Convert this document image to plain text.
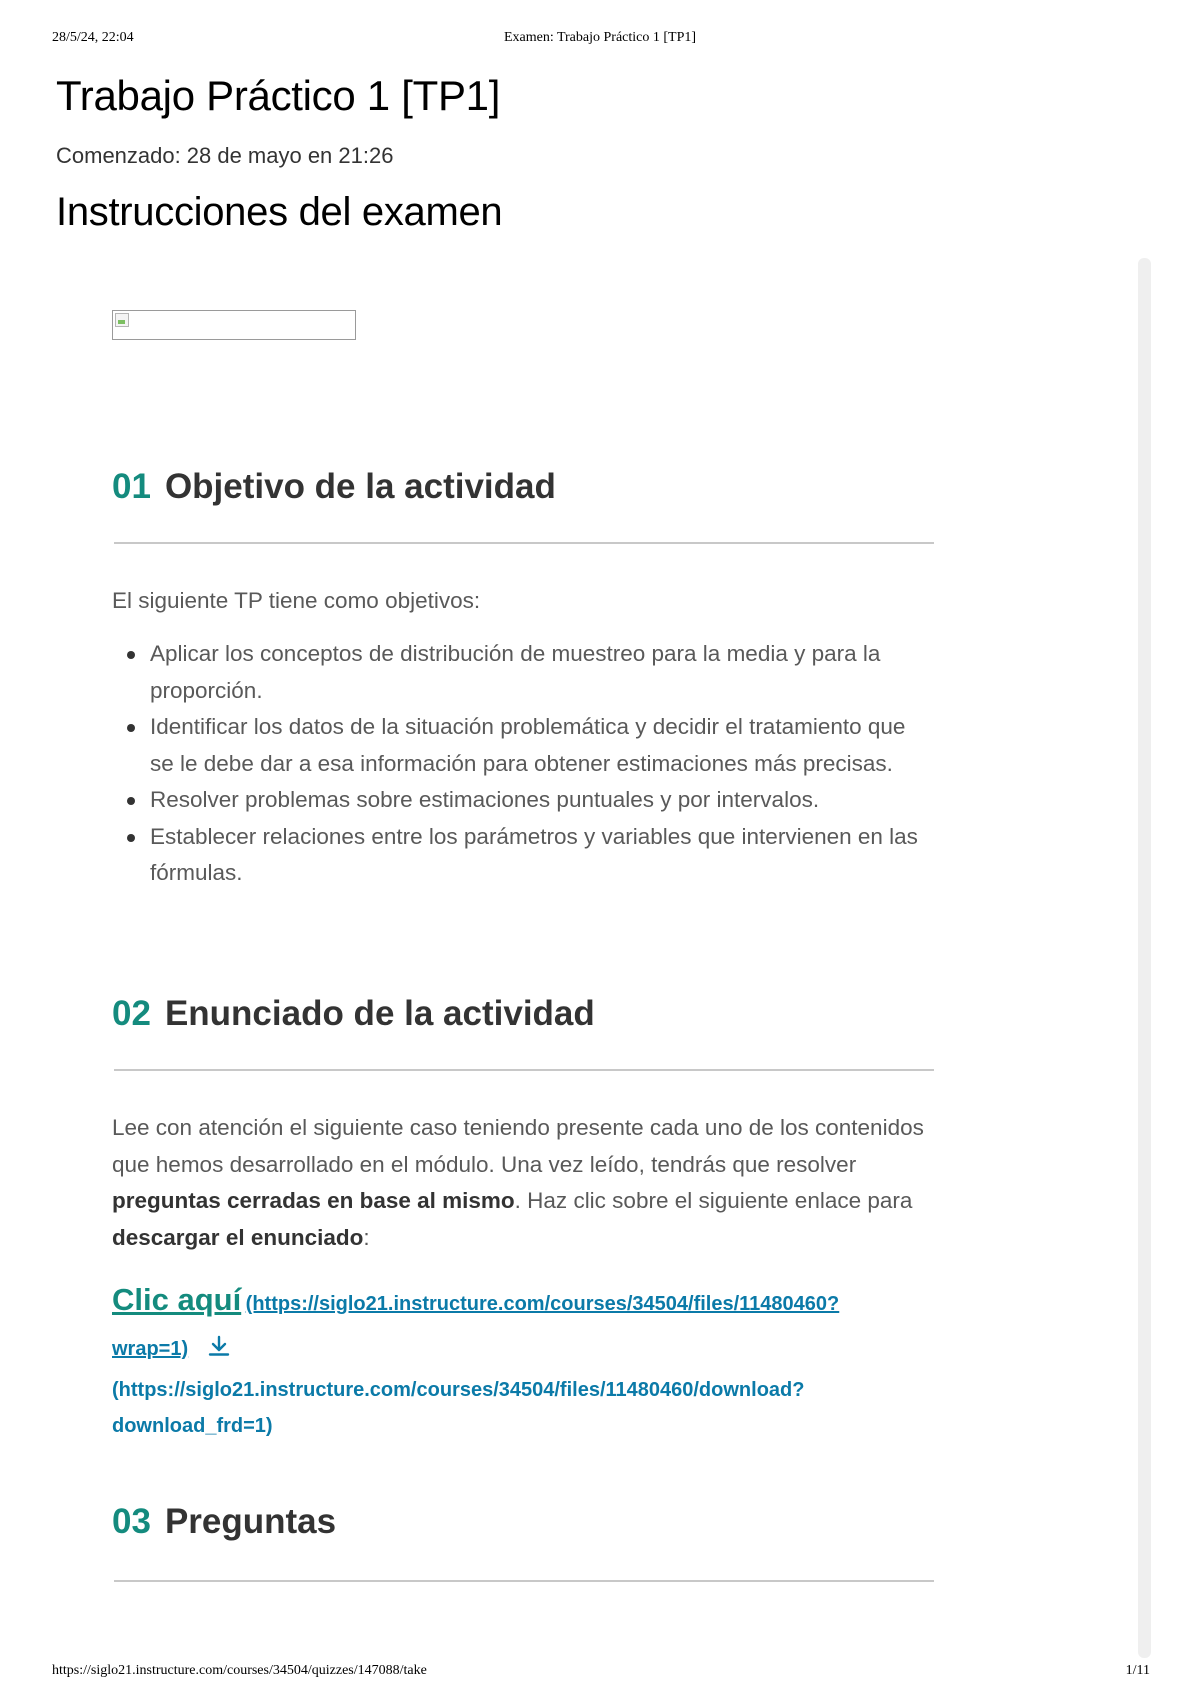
28/5/24, 22:04	Examen: Trabajo Práctico 1 [TP1]
Trabajo Práctico 1 [TP1]
Comenzado: 28 de mayo en 21:26
Instrucciones del examen
01 Objetivo de la actividad

El siguiente TP tiene como objetivos:

Aplicar los conceptos de distribución de muestreo para la media y para la proporción.
Identificar los datos de la situación problemática y decidir el tratamiento que se le debe dar a esa información para obtener estimaciones más precisas.
Resolver problemas sobre estimaciones puntuales y por intervalos.
Establecer relaciones entre los parámetros y variables que intervienen en las fórmulas.
02 Enunciado de la actividad

Lee con atención el siguiente caso teniendo presente cada uno de los contenidos que hemos desarrollado en el módulo. Una vez leído, tendrás que resolver preguntas cerradas en base al mismo. Haz clic sobre el siguiente enlace para descargar el enunciado:

Clic aquí (https://siglo21.instructure.com/courses/34504/files/11480460?
wrap=1)
(https://siglo21.instructure.com/courses/34504/files/11480460/download?
download_frd=1)
03 Preguntas
https://siglo21.instructure.com/courses/34504/quizzes/147088/take	1/11
